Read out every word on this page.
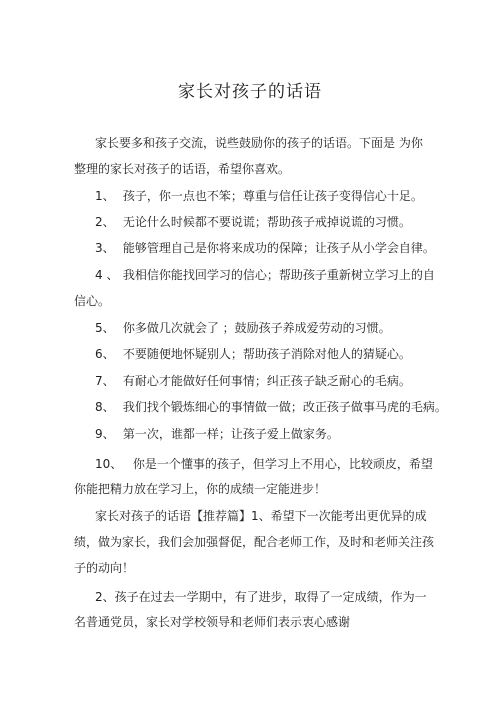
家长对孩子的话语
家长要多和孩子交流，说些鼓励你的孩子的话语。下面是 为你
整理的家长对孩子的话语，希望你喜欢。
1、 孩子，你一点也不笨；尊重与信任让孩子变得信心十足。
2、 无论什么时候都不要说谎；帮助孩子戒掉说谎的习惯。
3、 能够管理自己是你将来成功的保障；让孩子从小学会自律。
4 、 我相信你能找回学习的信心；帮助孩子重新树立学习上的自
信心。
5、 你多做几次就会了 ；鼓励孩子养成爱劳动的习惯。
6、 不要随便地怀疑别人；帮助孩子消除对他人的猜疑心。
7、 有耐心才能做好任何事情；纠正孩子缺乏耐心的毛病。
8、 我们找个锻炼细心的事情做一做；改正孩子做事马虎的毛病。
9、 第一次，谁都一样；让孩子爱上做家务。
10、 你是一个懂事的孩子，但学习上不用心，比较顽皮，希望
你能把精力放在学习上，你的成绩一定能进步！
家长对孩子的话语【推荐篇】1、希望下一次能考出更优异的成
绩，做为家长，我们会加强督促，配合老师工作，及时和老师关注孩
子的动向！
2、孩子在过去一学期中，有了进步，取得了一定成绩，作为一
名普通党员，家长对学校领导和老师们表示衷心感谢
